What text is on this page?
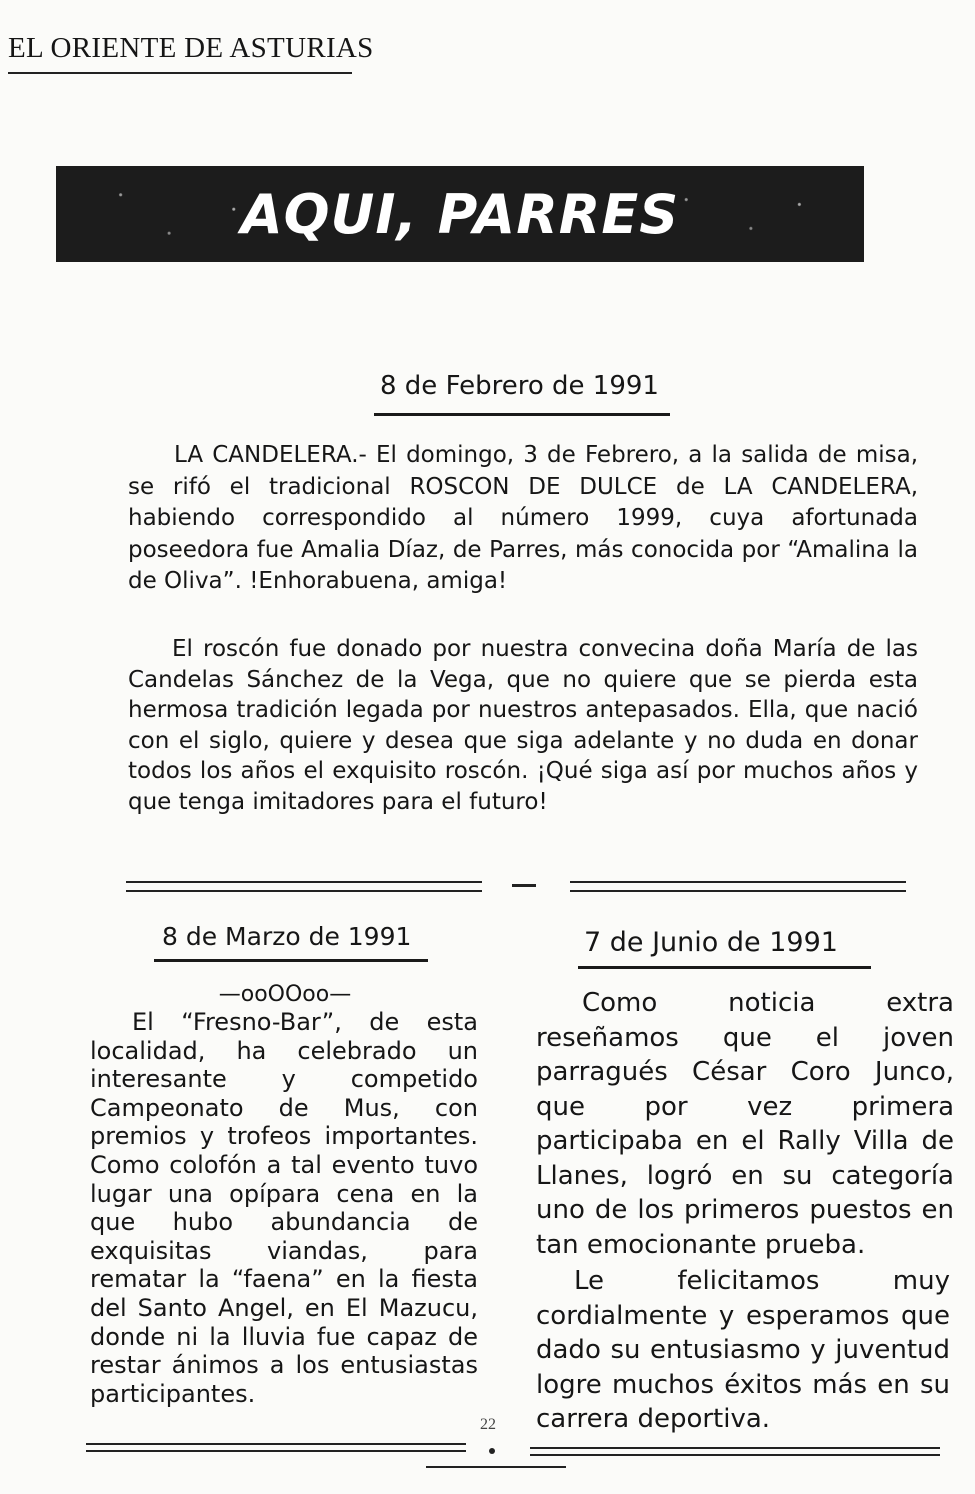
EL ORIENTE DE ASTURIAS
AQUI, PARRES
8 de Febrero de 1991

LA CANDELERA.- El domingo, 3 de Febrero, a la salida de misa, se rifó el tradicional ROSCON DE DULCE de LA CANDELERA, habiendo correspondido al número 1999, cuya afortunada poseedora fue Amalia Díaz, de Parres, más conocida por “Amalina la de Oliva”. !Enhorabuena, amiga!

El roscón fue donado por nuestra convecina doña María de las Candelas Sánchez de la Vega, que no quiere que se pierda esta hermosa tradición legada por nuestros antepasados. Ella, que nació con el siglo, quiere y desea que siga adelante y no duda en donar todos los años el exquisito roscón. ¡Qué siga así por muchos años y que tenga imitadores para el futuro!

8 de Marzo de 1991
—ooOOoo—

El “Fresno-Bar”, de esta localidad, ha celebrado un interesante y competido Campeonato de Mus, con premios y trofeos importantes. Como colofón a tal evento tuvo lugar una opípara cena en la que hubo abundancia de exquisitas viandas, para rematar la “faena” en la fiesta del Santo Angel, en El Mazucu, donde ni la lluvia fue capaz de restar ánimos a los entusiastas participantes.

7 de Junio de 1991

Como noticia extra reseñamos que el joven parragués César Coro Junco, que por vez primera participaba en el Rally Villa de Llanes, logró en su categoría uno de los primeros puestos en tan emocionante prueba.

Le felicitamos muy cordialmente y esperamos que dado su entusiasmo y juventud logre muchos éxitos más en su carrera deportiva.

22
